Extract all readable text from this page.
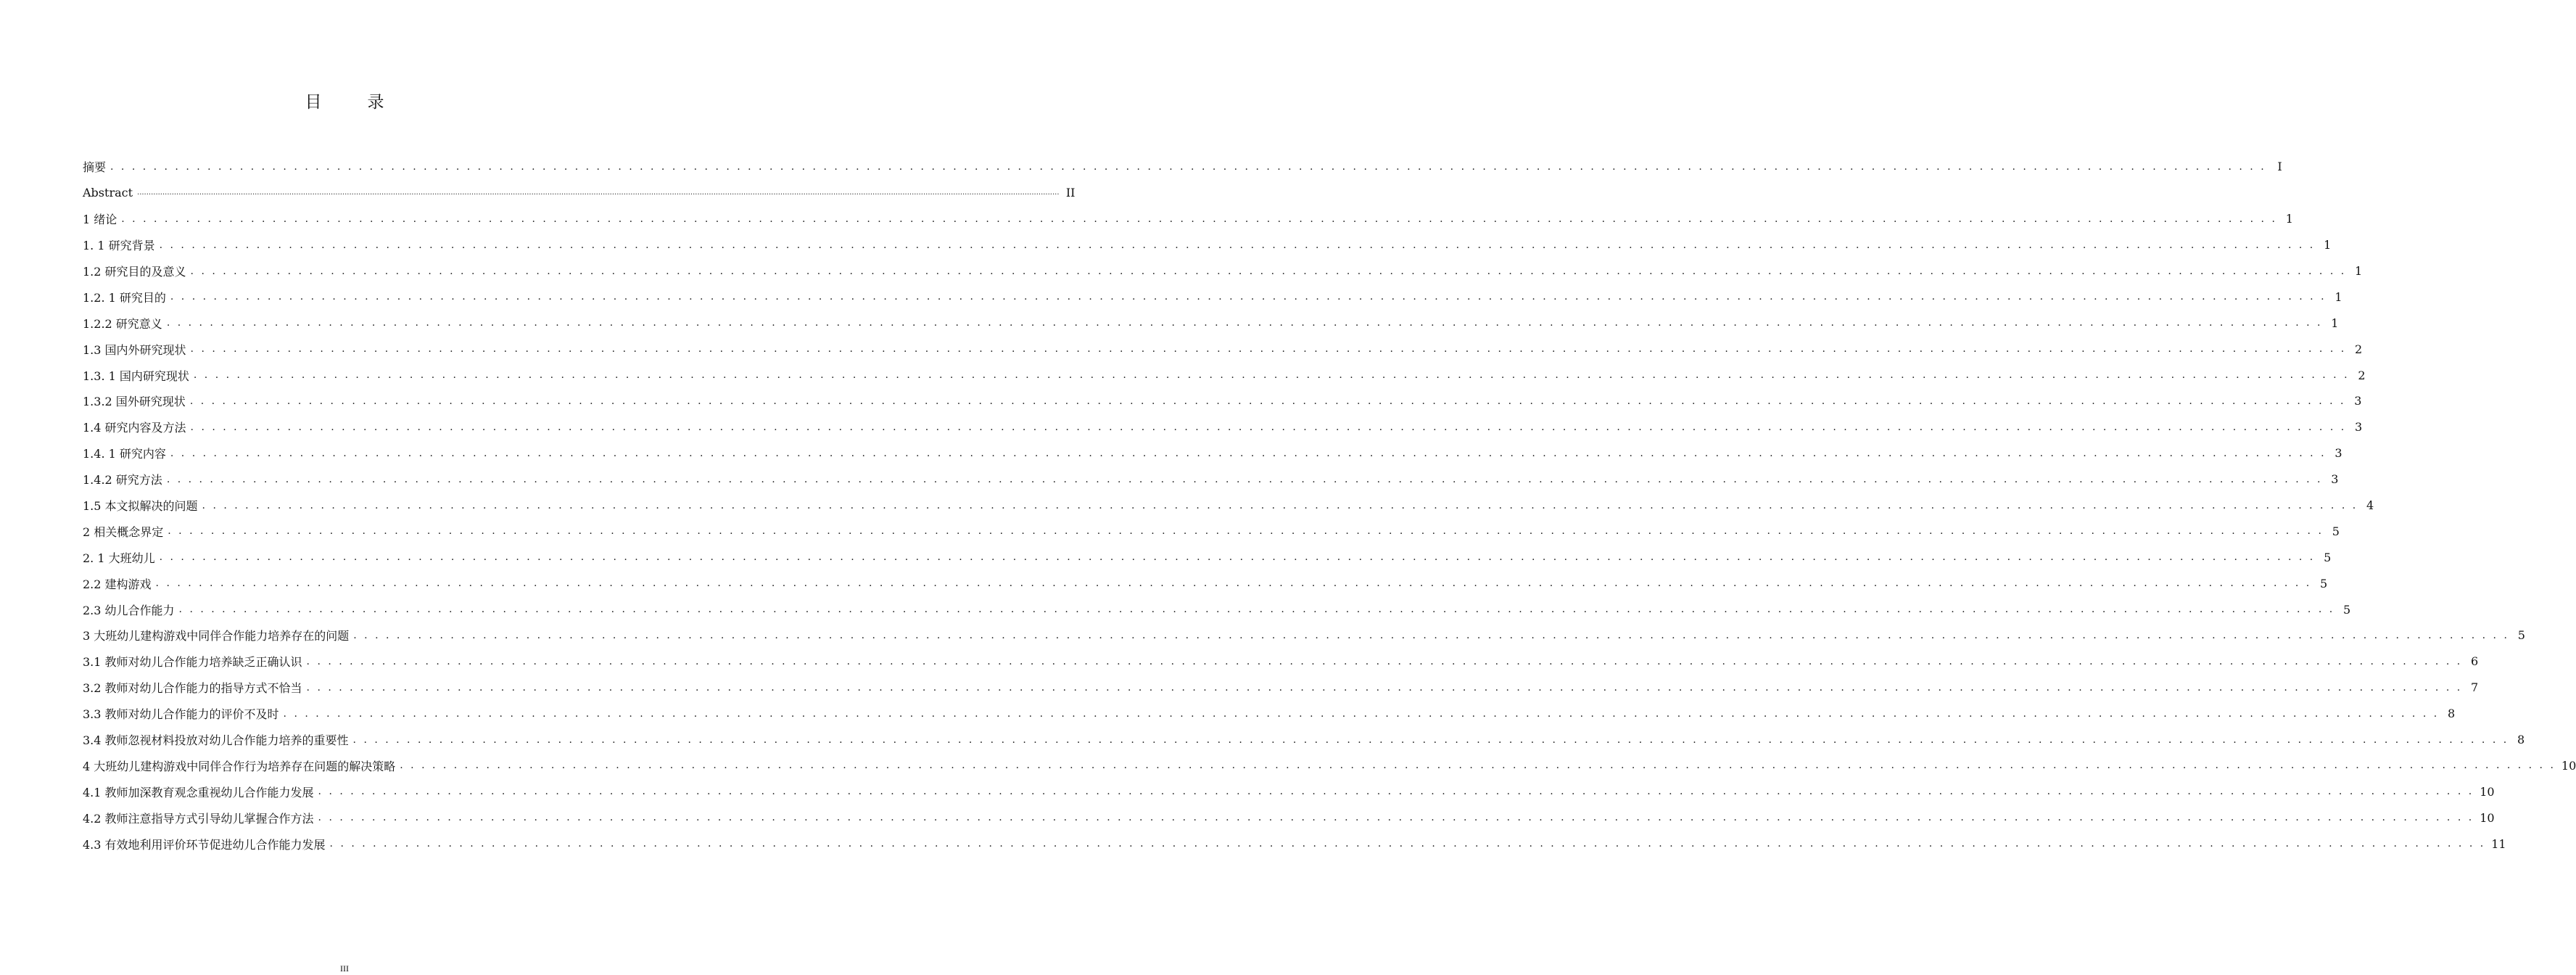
目　录
摘要 . . . . . . . . . . . . . . . . . . . . . . . . . . . . . . . . . . . . . . . . . . . . . . . . . . . . . . . . . . . . . . . . . . . . . . . . . . . . . . . . . . . . . . . . . . . . . . . . . . . . . . . . . . . . . . . . . . . . . . . . . . . . . . . . . . . . . . . . . . . . . . . . . . . . . . . . . . . . . . . . . . . . . . . . . . . . . . . . . . . . . . . . . . . . . . . . . . . . . . . . I
Abstract ................................................................................................................................................................................................................................................................................................................................................................................................................ II
1 绪论 . . . . . . . . . . . . . . . . . . . . . . . . . . . . . . . . . . . . . . . . . . . . . . . . . . . . . . . . . . . . . . . . . . . . . . . . . . . . . . . . . . . . . . . . . . . . . . . . . . . . . . . . . . . . . . . . . . . . . . . . . . . . . . . . . . . . . . . . . . . . . . . . . . . . . . . . . . . . . . . . . . . . . . . . . . . . . . . . . . . . . . . . . . . . . . . . . . . . . . . . 1
1. 1 研究背景 . . . . . . . . . . . . . . . . . . . . . . . . . . . . . . . . . . . . . . . . . . . . . . . . . . . . . . . . . . . . . . . . . . . . . . . . . . . . . . . . . . . . . . . . . . . . . . . . . . . . . . . . . . . . . . . . . . . . . . . . . . . . . . . . . . . . . . . . . . . . . . . . . . . . . . . . . . . . . . . . . . . . . . . . . . . . . . . . . . . . . . . . . . . . . . . . . . . . . . . . 1
1.2 研究目的及意义 . . . . . . . . . . . . . . . . . . . . . . . . . . . . . . . . . . . . . . . . . . . . . . . . . . . . . . . . . . . . . . . . . . . . . . . . . . . . . . . . . . . . . . . . . . . . . . . . . . . . . . . . . . . . . . . . . . . . . . . . . . . . . . . . . . . . . . . . . . . . . . . . . . . . . . . . . . . . . . . . . . . . . . . . . . . . . . . . . . . . . . . . . . . . . . . . . . . . . . . . 1
1.2. 1 研究目的 . . . . . . . . . . . . . . . . . . . . . . . . . . . . . . . . . . . . . . . . . . . . . . . . . . . . . . . . . . . . . . . . . . . . . . . . . . . . . . . . . . . . . . . . . . . . . . . . . . . . . . . . . . . . . . . . . . . . . . . . . . . . . . . . . . . . . . . . . . . . . . . . . . . . . . . . . . . . . . . . . . . . . . . . . . . . . . . . . . . . . . . . . . . . . . . . . . . . . . . . 1
1.2.2 研究意义 . . . . . . . . . . . . . . . . . . . . . . . . . . . . . . . . . . . . . . . . . . . . . . . . . . . . . . . . . . . . . . . . . . . . . . . . . . . . . . . . . . . . . . . . . . . . . . . . . . . . . . . . . . . . . . . . . . . . . . . . . . . . . . . . . . . . . . . . . . . . . . . . . . . . . . . . . . . . . . . . . . . . . . . . . . . . . . . . . . . . . . . . . . . . . . . . . . . . . . . . 1
1.3 国内外研究现状 . . . . . . . . . . . . . . . . . . . . . . . . . . . . . . . . . . . . . . . . . . . . . . . . . . . . . . . . . . . . . . . . . . . . . . . . . . . . . . . . . . . . . . . . . . . . . . . . . . . . . . . . . . . . . . . . . . . . . . . . . . . . . . . . . . . . . . . . . . . . . . . . . . . . . . . . . . . . . . . . . . . . . . . . . . . . . . . . . . . . . . . . . . . . . . . . . . . . . . . . 2
1.3. 1 国内研究现状 . . . . . . . . . . . . . . . . . . . . . . . . . . . . . . . . . . . . . . . . . . . . . . . . . . . . . . . . . . . . . . . . . . . . . . . . . . . . . . . . . . . . . . . . . . . . . . . . . . . . . . . . . . . . . . . . . . . . . . . . . . . . . . . . . . . . . . . . . . . . . . . . . . . . . . . . . . . . . . . . . . . . . . . . . . . . . . . . . . . . . . . . . . . . . . . . . . . . . . . . 2
1.3.2 国外研究现状 . . . . . . . . . . . . . . . . . . . . . . . . . . . . . . . . . . . . . . . . . . . . . . . . . . . . . . . . . . . . . . . . . . . . . . . . . . . . . . . . . . . . . . . . . . . . . . . . . . . . . . . . . . . . . . . . . . . . . . . . . . . . . . . . . . . . . . . . . . . . . . . . . . . . . . . . . . . . . . . . . . . . . . . . . . . . . . . . . . . . . . . . . . . . . . . . . . . . . . . . 3
1.4 研究内容及方法 . . . . . . . . . . . . . . . . . . . . . . . . . . . . . . . . . . . . . . . . . . . . . . . . . . . . . . . . . . . . . . . . . . . . . . . . . . . . . . . . . . . . . . . . . . . . . . . . . . . . . . . . . . . . . . . . . . . . . . . . . . . . . . . . . . . . . . . . . . . . . . . . . . . . . . . . . . . . . . . . . . . . . . . . . . . . . . . . . . . . . . . . . . . . . . . . . . . . . . . . 3
1.4. 1 研究内容 . . . . . . . . . . . . . . . . . . . . . . . . . . . . . . . . . . . . . . . . . . . . . . . . . . . . . . . . . . . . . . . . . . . . . . . . . . . . . . . . . . . . . . . . . . . . . . . . . . . . . . . . . . . . . . . . . . . . . . . . . . . . . . . . . . . . . . . . . . . . . . . . . . . . . . . . . . . . . . . . . . . . . . . . . . . . . . . . . . . . . . . . . . . . . . . . . . . . . . . . 3
1.4.2 研究方法 . . . . . . . . . . . . . . . . . . . . . . . . . . . . . . . . . . . . . . . . . . . . . . . . . . . . . . . . . . . . . . . . . . . . . . . . . . . . . . . . . . . . . . . . . . . . . . . . . . . . . . . . . . . . . . . . . . . . . . . . . . . . . . . . . . . . . . . . . . . . . . . . . . . . . . . . . . . . . . . . . . . . . . . . . . . . . . . . . . . . . . . . . . . . . . . . . . . . . . . . 3
1.5 本文拟解决的问题 . . . . . . . . . . . . . . . . . . . . . . . . . . . . . . . . . . . . . . . . . . . . . . . . . . . . . . . . . . . . . . . . . . . . . . . . . . . . . . . . . . . . . . . . . . . . . . . . . . . . . . . . . . . . . . . . . . . . . . . . . . . . . . . . . . . . . . . . . . . . . . . . . . . . . . . . . . . . . . . . . . . . . . . . . . . . . . . . . . . . . . . . . . . . . . . . . . . . . . . . 4
2 相关概念界定 . . . . . . . . . . . . . . . . . . . . . . . . . . . . . . . . . . . . . . . . . . . . . . . . . . . . . . . . . . . . . . . . . . . . . . . . . . . . . . . . . . . . . . . . . . . . . . . . . . . . . . . . . . . . . . . . . . . . . . . . . . . . . . . . . . . . . . . . . . . . . . . . . . . . . . . . . . . . . . . . . . . . . . . . . . . . . . . . . . . . . . . . . . . . . . . . . . . . . . . . 5
2. 1 大班幼儿 . . . . . . . . . . . . . . . . . . . . . . . . . . . . . . . . . . . . . . . . . . . . . . . . . . . . . . . . . . . . . . . . . . . . . . . . . . . . . . . . . . . . . . . . . . . . . . . . . . . . . . . . . . . . . . . . . . . . . . . . . . . . . . . . . . . . . . . . . . . . . . . . . . . . . . . . . . . . . . . . . . . . . . . . . . . . . . . . . . . . . . . . . . . . . . . . . . . . . . . . 5
2.2 建构游戏 . . . . . . . . . . . . . . . . . . . . . . . . . . . . . . . . . . . . . . . . . . . . . . . . . . . . . . . . . . . . . . . . . . . . . . . . . . . . . . . . . . . . . . . . . . . . . . . . . . . . . . . . . . . . . . . . . . . . . . . . . . . . . . . . . . . . . . . . . . . . . . . . . . . . . . . . . . . . . . . . . . . . . . . . . . . . . . . . . . . . . . . . . . . . . . . . . . . . . . . . 5
2.3 幼儿合作能力 . . . . . . . . . . . . . . . . . . . . . . . . . . . . . . . . . . . . . . . . . . . . . . . . . . . . . . . . . . . . . . . . . . . . . . . . . . . . . . . . . . . . . . . . . . . . . . . . . . . . . . . . . . . . . . . . . . . . . . . . . . . . . . . . . . . . . . . . . . . . . . . . . . . . . . . . . . . . . . . . . . . . . . . . . . . . . . . . . . . . . . . . . . . . . . . . . . . . . . . . 5
3 大班幼儿建构游戏中同伴合作能力培养存在的问题 . . . . . . . . . . . . . . . . . . . . . . . . . . . . . . . . . . . . . . . . . . . . . . . . . . . . . . . . . . . . . . . . . . . . . . . . . . . . . . . . . . . . . . . . . . . . . . . . . . . . . . . . . . . . . . . . . . . . . . . . . . . . . . . . . . . . . . . . . . . . . . . . . . . . . . . . . . . . . . . . . . . . . . . . . . . . . . . . . . . . . . . . . . . . . . . . . . . . . . . . 5
3.1 教师对幼儿合作能力培养缺乏正确认识 . . . . . . . . . . . . . . . . . . . . . . . . . . . . . . . . . . . . . . . . . . . . . . . . . . . . . . . . . . . . . . . . . . . . . . . . . . . . . . . . . . . . . . . . . . . . . . . . . . . . . . . . . . . . . . . . . . . . . . . . . . . . . . . . . . . . . . . . . . . . . . . . . . . . . . . . . . . . . . . . . . . . . . . . . . . . . . . . . . . . . . . . . . . . . . . . . . . . . . . . 6
3.2 教师对幼儿合作能力的指导方式不恰当 . . . . . . . . . . . . . . . . . . . . . . . . . . . . . . . . . . . . . . . . . . . . . . . . . . . . . . . . . . . . . . . . . . . . . . . . . . . . . . . . . . . . . . . . . . . . . . . . . . . . . . . . . . . . . . . . . . . . . . . . . . . . . . . . . . . . . . . . . . . . . . . . . . . . . . . . . . . . . . . . . . . . . . . . . . . . . . . . . . . . . . . . . . . . . . . . . . . . . . . . 7
3.3 教师对幼儿合作能力的评价不及时 . . . . . . . . . . . . . . . . . . . . . . . . . . . . . . . . . . . . . . . . . . . . . . . . . . . . . . . . . . . . . . . . . . . . . . . . . . . . . . . . . . . . . . . . . . . . . . . . . . . . . . . . . . . . . . . . . . . . . . . . . . . . . . . . . . . . . . . . . . . . . . . . . . . . . . . . . . . . . . . . . . . . . . . . . . . . . . . . . . . . . . . . . . . . . . . . . . . . . . . . 8
3.4 教师忽视材料投放对幼儿合作能力培养的重要性 . . . . . . . . . . . . . . . . . . . . . . . . . . . . . . . . . . . . . . . . . . . . . . . . . . . . . . . . . . . . . . . . . . . . . . . . . . . . . . . . . . . . . . . . . . . . . . . . . . . . . . . . . . . . . . . . . . . . . . . . . . . . . . . . . . . . . . . . . . . . . . . . . . . . . . . . . . . . . . . . . . . . . . . . . . . . . . . . . . . . . . . . . . . . . . . . . . . . . . . . 8
4 大班幼儿建构游戏中同伴合作行为培养存在问题的解决策略 . . . . . . . . . . . . . . . . . . . . . . . . . . . . . . . . . . . . . . . . . . . . . . . . . . . . . . . . . . . . . . . . . . . . . . . . . . . . . . . . . . . . . . . . . . . . . . . . . . . . . . . . . . . . . . . . . . . . . . . . . . . . . . . . . . . . . . . . . . . . . . . . . . . . . . . . . . . . . . . . . . . . . . . . . . . . . . . . . . . . . . . . . . . . . . . . . . . . . . . . 10
4.1 教师加深教育观念重视幼儿合作能力发展 . . . . . . . . . . . . . . . . . . . . . . . . . . . . . . . . . . . . . . . . . . . . . . . . . . . . . . . . . . . . . . . . . . . . . . . . . . . . . . . . . . . . . . . . . . . . . . . . . . . . . . . . . . . . . . . . . . . . . . . . . . . . . . . . . . . . . . . . . . . . . . . . . . . . . . . . . . . . . . . . . . . . . . . . . . . . . . . . . . . . . . . . . . . . . . . . . . . . . . . . 10
4.2 教师注意指导方式引导幼儿掌握合作方法 . . . . . . . . . . . . . . . . . . . . . . . . . . . . . . . . . . . . . . . . . . . . . . . . . . . . . . . . . . . . . . . . . . . . . . . . . . . . . . . . . . . . . . . . . . . . . . . . . . . . . . . . . . . . . . . . . . . . . . . . . . . . . . . . . . . . . . . . . . . . . . . . . . . . . . . . . . . . . . . . . . . . . . . . . . . . . . . . . . . . . . . . . . . . . . . . . . . . . . . . 10
4.3 有效地利用评价环节促进幼儿合作能力发展 . . . . . . . . . . . . . . . . . . . . . . . . . . . . . . . . . . . . . . . . . . . . . . . . . . . . . . . . . . . . . . . . . . . . . . . . . . . . . . . . . . . . . . . . . . . . . . . . . . . . . . . . . . . . . . . . . . . . . . . . . . . . . . . . . . . . . . . . . . . . . . . . . . . . . . . . . . . . . . . . . . . . . . . . . . . . . . . . . . . . . . . . . . . . . . . . . . . . . . . . 11
III
